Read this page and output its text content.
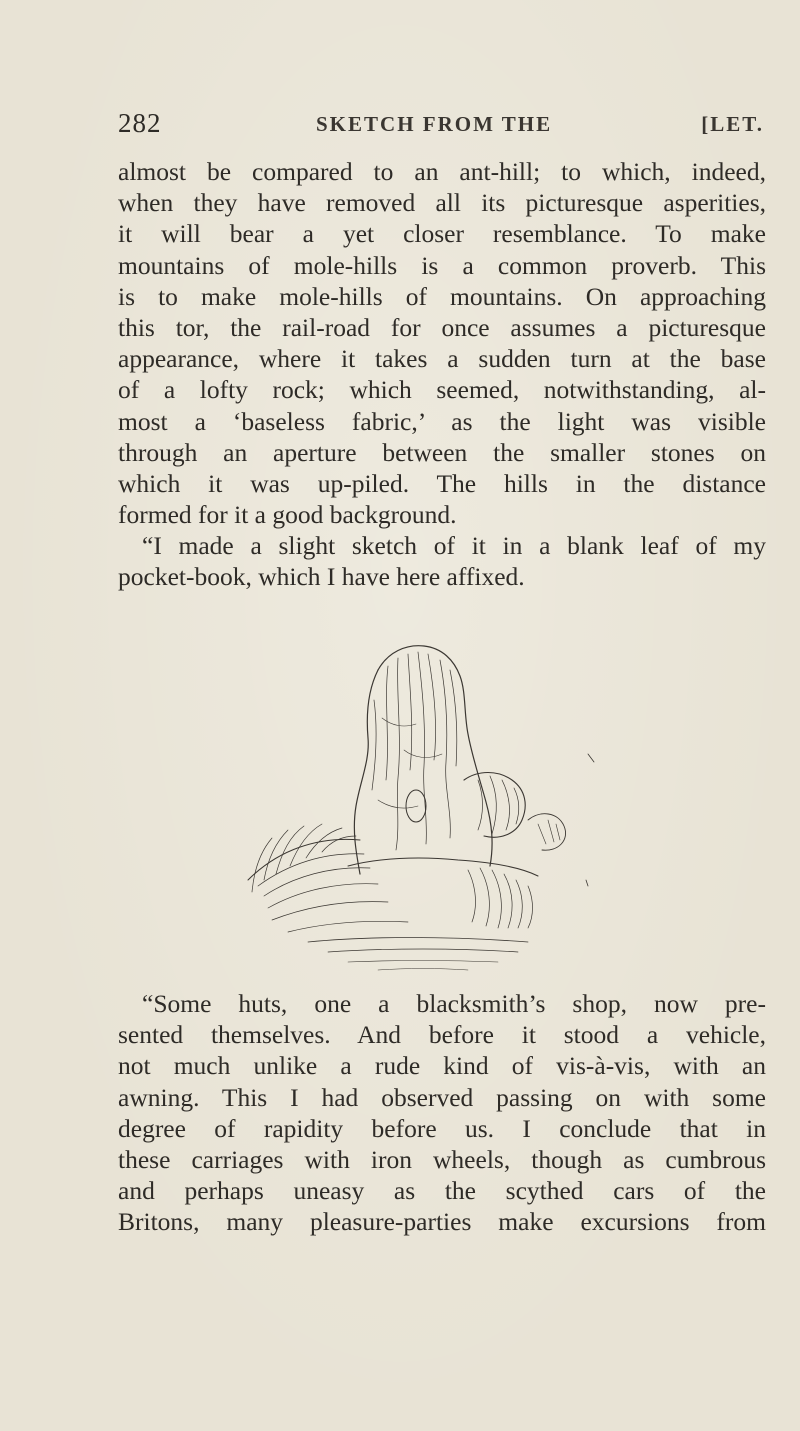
282	SKETCH FROM THE	[LET.
almost be compared to an ant-hill; to which, indeed,
when they have removed all its picturesque asperities,
it will bear a yet closer resemblance. To make
mountains of mole-hills is a common proverb. This
is to make mole-hills of mountains. On approaching
this tor, the rail-road for once assumes a picturesque
appearance, where it takes a sudden turn at the base
of a lofty rock; which seemed, notwithstanding, al-
most a ‘baseless fabric,’ as the light was visible
through an aperture between the smaller stones on
which it was up-piled. The hills in the distance
formed for it a good background.
“I made a slight sketch of it in a blank leaf of my
pocket-book, which I have here affixed.
“Some huts, one a blacksmith’s shop, now pre-
sented themselves. And before it stood a vehicle,
not much unlike a rude kind of vis-à-vis, with an
awning. This I had observed passing on with some
degree of rapidity before us. I conclude that in
these carriages with iron wheels, though as cumbrous
and perhaps uneasy as the scythed cars of the
Britons, many pleasure-parties make excursions from
